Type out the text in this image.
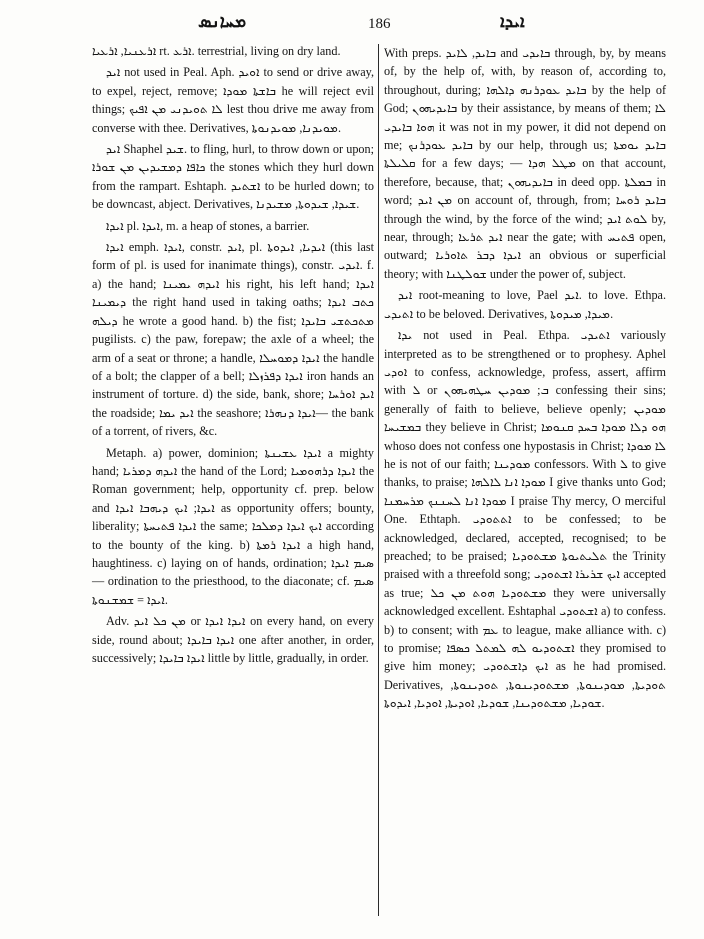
ܡܚܐܢܣ	186	ܐܝܕܐ

ܐܪܥܢܝܐ, ܐܪܥܝܐ rt. ܐܪܥ. terrestrial, living on dry land.

ܐܝܕ not used in Peal. Aph. ܐܘܝܕ to send or drive away, to expel, reject, remove; ܒܐܫܬܐ ܡܘܕܐ he will reject evil things; ܠܐ ܬܘܝܕܢܝ ܡܢ ܐܦܝܟ lest thou drive me away from converse with thee. Derivatives, ܡܘܝܕܢܐ, ܡܘܝܕܢܘܬܐ.

ܐܝܕ Shaphel ܫܝܕ. to fling, hurl, to throw down or upon; ܟܐܦܐ ܕܡܫܝܕܝܢ ܡܢ ܫܘܪܐ the stones which they hurl down from the rampart. Eshtaph. ܐܫܬܝܕ to be hurled down; to be downcast, abject. Derivatives, ܫܝܕܐ, ܫܝܕܘܬܐ, ܡܫܝܕܢܐ.

ܐܝܕܐ pl. ܐܝܕܐ, m. a heap of stones, a barrier.

ܐܝܕܐ emph. ܐܝܕܐ, constr. ܐܝܕ, pl. ܐܝܕܝܐ, ܐܝܕܘܬܐ (this last form of pl. is used for inanimate things), constr. ܐܝܕܝ. f. a) the hand; ܐܝܕܗ ܝܡܝܢܐ his right, his left hand; ܐܝܕܐ ܕܝܡܝܢܐ the right hand used in taking oaths; ܟܬܒ ܐܝܕܐ ܕܝܠܗ he wrote a good hand. b) the fist; ܡܬܟܬܫܝ ܒܐܝܕܐ pugilists. c) the paw, forepaw; the axle of a wheel; the arm of a seat or throne; a handle, ܐܝܕܐ ܕܡܘܚܠܐ the handle of a bolt; the clapper of a bell; ܐܝܕܐ ܕܦܪܙܠܐ iron hands an instrument of torture. d) the side, bank, shore; ܐܝܕ ܐܘܪܚܐ the roadside; ܐܝܕ ܝܡܐ the seashore; ܐܝܕܐ ܕܢܗܪܐ— the bank of a torrent, of rivers, &c.

Metaph. a) power, dominion; ܐܝܕܐ ܥܫܝܢܬܐ a mighty hand; ܐܝܕܗ ܕܡܪܝܐ the hand of the Lord; ܐܝܕܐ ܕܪܗܘܡܝܐ the Roman government; help, opportunity cf. prep. below and ܐܝܕܐ; ܐܝܟ ܕܝܗܒܐ ܐܝܕܐ as opportunity offers; bounty, liberality; ܐܝܕܐ ܦܬܝܚܬܐ the same; ܐܝܟ ܐܝܕܐ ܕܡܠܟܐ according to the bounty of the king. b) ܐܝܕܐ ܪܡܬܐ a high hand, haughtiness. c) laying on of hands, ordination; ܣܝܡ ܐܝܕܐ— ordination to the priesthood, to the diaconate; cf. ܣܝܡ ܐܝܕܐ = ܫܡܫܢܘܬܐ.

Adv. ܡܢ ܟܠ ܐܝܕ or ܐܝܕܐ ܐܝܕܐ on every hand, on every side, round about; ܐܝܕܐ ܒܐܝܕܐ one after another, in order, successively; ܐܝܕܐ ܒܐܝܕܐ little by little, gradually, in order.

With preps. ܒܐܝܕ, ܠܐܝܕ and ܒܐܝܕܝ through, by, by means of, by the help of, with, by reason of, according to, throughout, during; ܒܐܝܕ ܥܘܕܪܢܗ ܕܐܠܗܐ by the help of God; ܒܐܝܕܝܗܘܢ by their assistance, by means of them; ܠܐ ܗܘܐ ܒܐܝܕܝ it was not in my power, it did not depend on me; ܒܐܝܕ ܥܘܕܪܢܟ by our help, through us; ܒܐܝܕ ܝܘܡܬܐ ܩܠܝܠܬܐ for a few days; — ܡܛܠ ܗܕܐ on that account, therefore, because, that; ܒܐܝܕܝܗܘܢ in deed opp. ܒܡܠܬܐ in word; ܡܢ ܐܝܕ on account of, through, from; ܒܐܝܕ ܪܘܚܐ through the wind, by the force of the wind; ܠܘܬ ܐܝܕ by, near, through; ܐܝܕ ܬܪܥܐ near the gate; with ܦܬܝܚ open, outward; ܐܝܕܐ ܕܒܪ ܬܐܘܪܝܐ an obvious or superficial theory; with ܫܘܠܛܢܐ under the power of, subject.

ܐܝܕ root-meaning to love, Pael ܐܝܕ. to love. Ethpa. ܐܬܝܕܝ to be beloved. Derivatives, ܡܝܕܐ, ܡܝܕܘܬܐ.

ܝܕܐ not used in Peal. Ethpa. ܐܬܝܕܝ variously interpreted as to be strengthened or to prophesy. Aphel ܐܘܕܝ to confess, acknowledge, profess, assert, affirm with ܠ or ܒ; ܡܘܕܝܢ ܚܛܗܝܗܘܢ confessing their sins; generally of faith to believe, believe openly; ܡܘܕܝܢ ܒܡܫܝܚܐ they believe in Christ; ܗܘ ܕܠܐ ܡܘܕܐ ܒܚܕ ܩܢܘܡܐ whoso does not confess one hypostasis in Christ; ܠܐ ܡܘܕܐ he is not of our faith; ܡܘܕܝܢܐ confessors. With ܠ to give thanks, to praise; ܡܘܕܐ ܐܢܐ ܠܐܠܗܐ I give thanks unto God; ܡܘܕܐ ܐܢܐ ܠܚܢܢܟ ܡܪܚܡܢܐ I praise Thy mercy, O merciful One. Ethtaph. ܐܬܬܘܕܝ to be confessed; to be acknowledged, declared, accepted, recognised; to be preached; to be praised; ܬܠܝܬܝܘܬܐ ܡܫܬܘܕܝܐ the Trinity praised with a threefold song; ܐܝܟ ܫܪܝܪܐ ܐܫܬܘܕܝ accepted as true; ܡܫܬܘܕܝܐ ܗܘܬ ܡܢ ܟܠ they were universally acknowledged excellent. Eshtaphal ܐܫܬܘܕܝ a) to confess. b) to consent; with ܥܡ to league, make alliance with. c) to promise; ܐܫܬܘܕܝܘ ܠܗ ܠܡܬܠ ܟܣܦܐ they promised to give him money; ܐܝܟ ܕܐܫܬܘܕܝ as he had promised. Derivatives, ܬܘܕܝܬܐ, ܡܘܕܝܢܘܬܐ, ܡܫܬܘܕܝܢܘܬܐ, ܬܘܕܝܢܘܬܐ, ܫܘܕܝܐ, ܡܫܬܘܕܝܢܐ, ܫܘܕܝܐ, ܐܘܕܝܬܐ, ܐܘܕܝܐ, ܐܝܕܘܬܐ.
